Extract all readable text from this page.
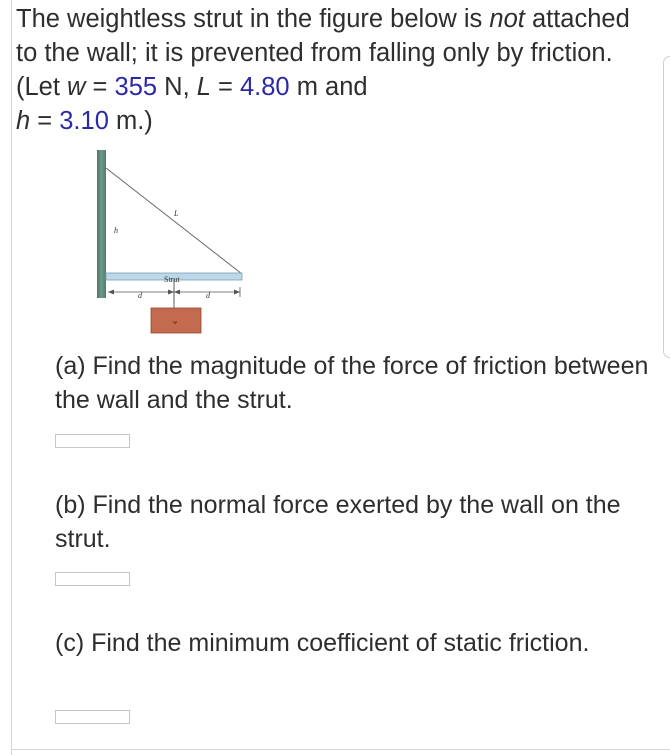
The weightless strut in the figure below is not attached to the wall; it is prevented from falling only by friction. (Let w = 355 N, L = 4.80 m and
h = 3.10 m.)
h
L
Strut
d	d
w
(a) Find the magnitude of the force of friction between the wall and the strut.
(b) Find the normal force exerted by the wall on the strut.
(c) Find the minimum coefficient of static friction.
